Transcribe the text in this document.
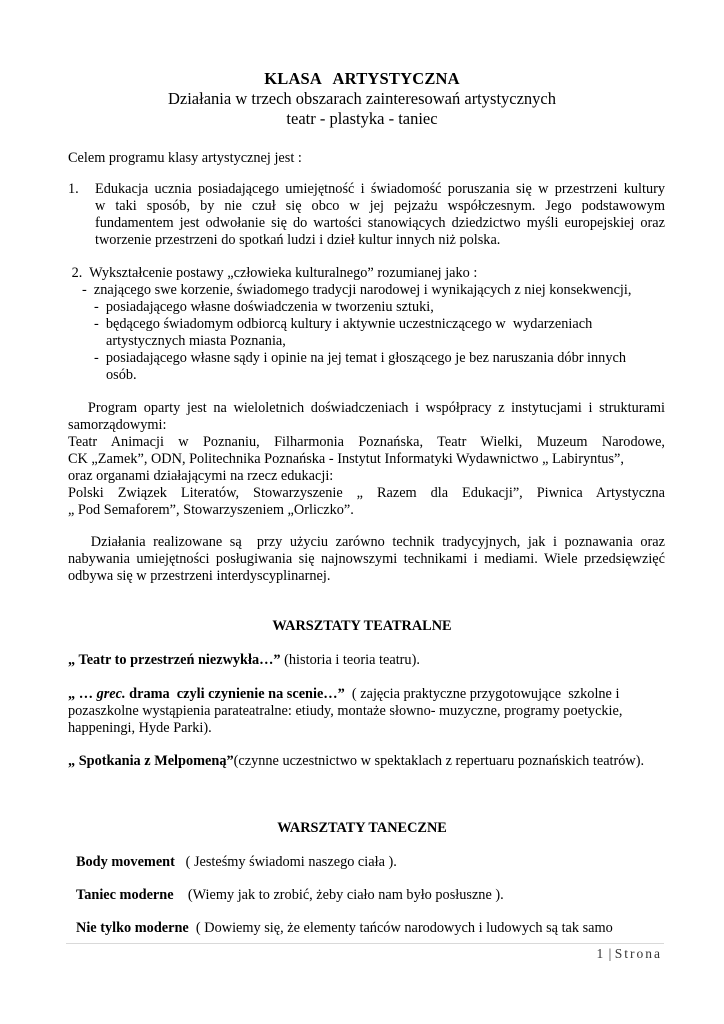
KLASA ARTYSTYCZNA

Działania w trzech obszarach zainteresowań artystycznych

teatr - plastyka - taniec

Celem programu klasy artystycznej jest :

1. Edukacja ucznia posiadającego umiejętność i świadomość poruszania się w przestrzeni kultury

w taki sposób, by nie czuł się obco w jej pejzażu współczesnym. Jego podstawowym

fundamentem jest odwołanie się do wartości stanowiących dziedzictwo myśli europejskiej oraz

tworzenie przestrzeni do spotkań ludzi i dzieł kultur innych niż polska.

2.  Wykształcenie postawy „człowieka kulturalnego” rozumianej jako :

-  znającego swe korzenie, świadomego tradycji narodowej i wynikających z niej konsekwencji,

-  posiadającego własne doświadczenia w tworzeniu sztuki,

-  będącego świadomym odbiorcą kultury i aktywnie uczestniczącego w  wydarzeniach

artystycznych miasta Poznania,

-  posiadającego własne sądy i opinie na jej temat i głoszącego je bez naruszania dóbr innych

osób.

Program oparty jest na wieloletnich doświadczeniach i współpracy z instytucjami i strukturami

samorządowymi:

Teatr Animacji w Poznaniu, Filharmonia Poznańska, Teatr Wielki, Muzeum Narodowe,

CK „Zamek”, ODN, Politechnika Poznańska - Instytut Informatyki Wydawnictwo „ Labiryntus”,

oraz organami działającymi na rzecz edukacji:

Polski Związek Literatów, Stowarzyszenie „ Razem dla Edukacji”, Piwnica Artystyczna

„ Pod Semaforem”, Stowarzyszeniem „Orliczko”.

Działania realizowane są  przy użyciu zarówno technik tradycyjnych, jak i poznawania oraz

nabywania umiejętności posługiwania się najnowszymi technikami i mediami. Wiele przedsięwzięć

odbywa się w przestrzeni interdyscyplinarnej.

WARSZTATY TEATRALNE

„ Teatr to przestrzeń niezwykła…” (historia i teoria teatru).

„ … grec. drama  czyli czynienie na scenie…”  ( zajęcia praktyczne przygotowujące  szkolne i

pozaszkolne wystąpienia parateatralne: etiudy, montaże słowno- muzyczne, programy poetyckie,

happeningi, Hyde Parki).

„ Spotkania z Melpomeną”(czynne uczestnictwo w spektaklach z repertuaru poznańskich teatrów).

WARSZTATY TANECZNE

Body movement   ( Jesteśmy świadomi naszego ciała ).

Taniec moderne    (Wiemy jak to zrobić, żeby ciało nam było posłuszne ).

Nie tylko moderne  ( Dowiemy się, że elementy tańców narodowych i ludowych są tak samo

1 | Strona
